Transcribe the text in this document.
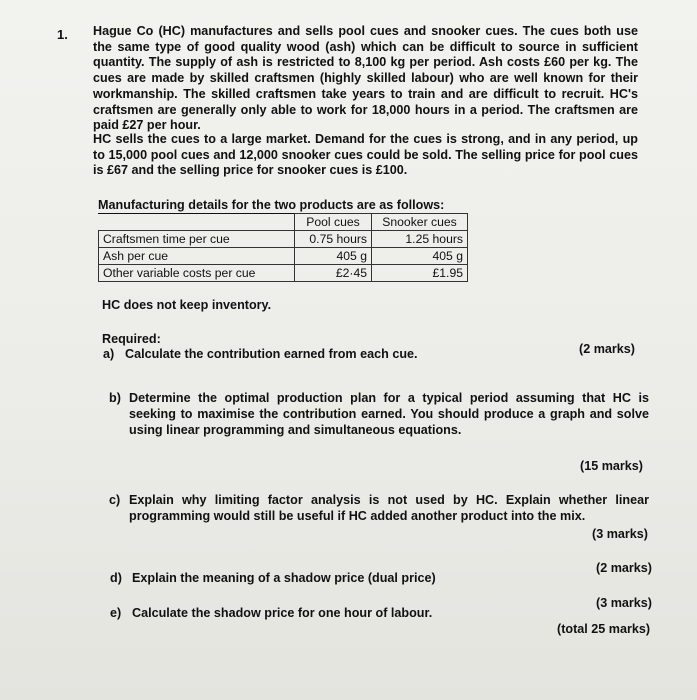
1. Hague Co (HC) manufactures and sells pool cues and snooker cues. The cues both use the same type of good quality wood (ash) which can be difficult to source in sufficient quantity. The supply of ash is restricted to 8,100 kg per period. Ash costs £60 per kg. The cues are made by skilled craftsmen (highly skilled labour) who are well known for their workmanship. The skilled craftsmen take years to train and are difficult to recruit. HC's craftsmen are generally only able to work for 18,000 hours in a period. The craftsmen are paid £27 per hour.

HC sells the cues to a large market. Demand for the cues is strong, and in any period, up to 15,000 pool cues and 12,000 snooker cues could be sold. The selling price for pool cues is £67 and the selling price for snooker cues is £100.

Manufacturing details for the two products are as follows:
	Pool cues	Snooker cues
Craftsmen time per cue	0.75 hours	1.25 hours
Ash per cue	405 g	405 g
Other variable costs per cue	£2·45	£1.95

HC does not keep inventory.

Required:

a) Calculate the contribution earned from each cue.	(2 marks)
b) Determine the optimal production plan for a typical period assuming that HC is seeking to maximise the contribution earned. You should produce a graph and solve using linear programming and simultaneous equations.
(15 marks)
c) Explain why limiting factor analysis is not used by HC. Explain whether linear programming would still be useful if HC added another product into the mix.
(3 marks)

d) Explain the meaning of a shadow price (dual price)

(2 marks)

e) Calculate the shadow price for one hour of labour.

(3 marks)
(total 25 marks)
